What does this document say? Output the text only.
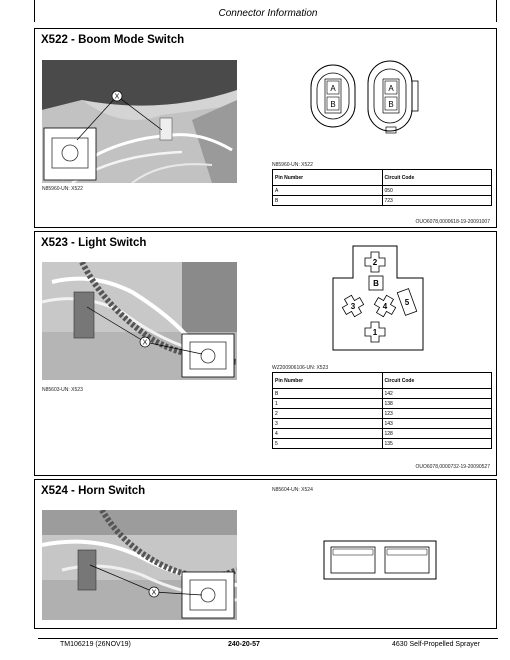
Connector Information
X522 - Boom Mode Switch
X
N85960-UN: X522
A
B
A
B
N85960-UN: X522
Pin Number	Circuit Code
A	050
B	723
OUO6078,0000618-19-20091007
X523 - Light Switch
X
N85603-UN: X523
2
B
3	4 5
1
WZ200906106-UN: X523
Pin Number	Circuit Code
B	142
1	138
2	123
3	143
4	128
5	135
OUO6078,0000732-19-20090527
X524 - Horn Switch
X
N85604-UN: X524
TM106219 (26NOV19)	240-20-57	4630 Self-Propelled Sprayer
